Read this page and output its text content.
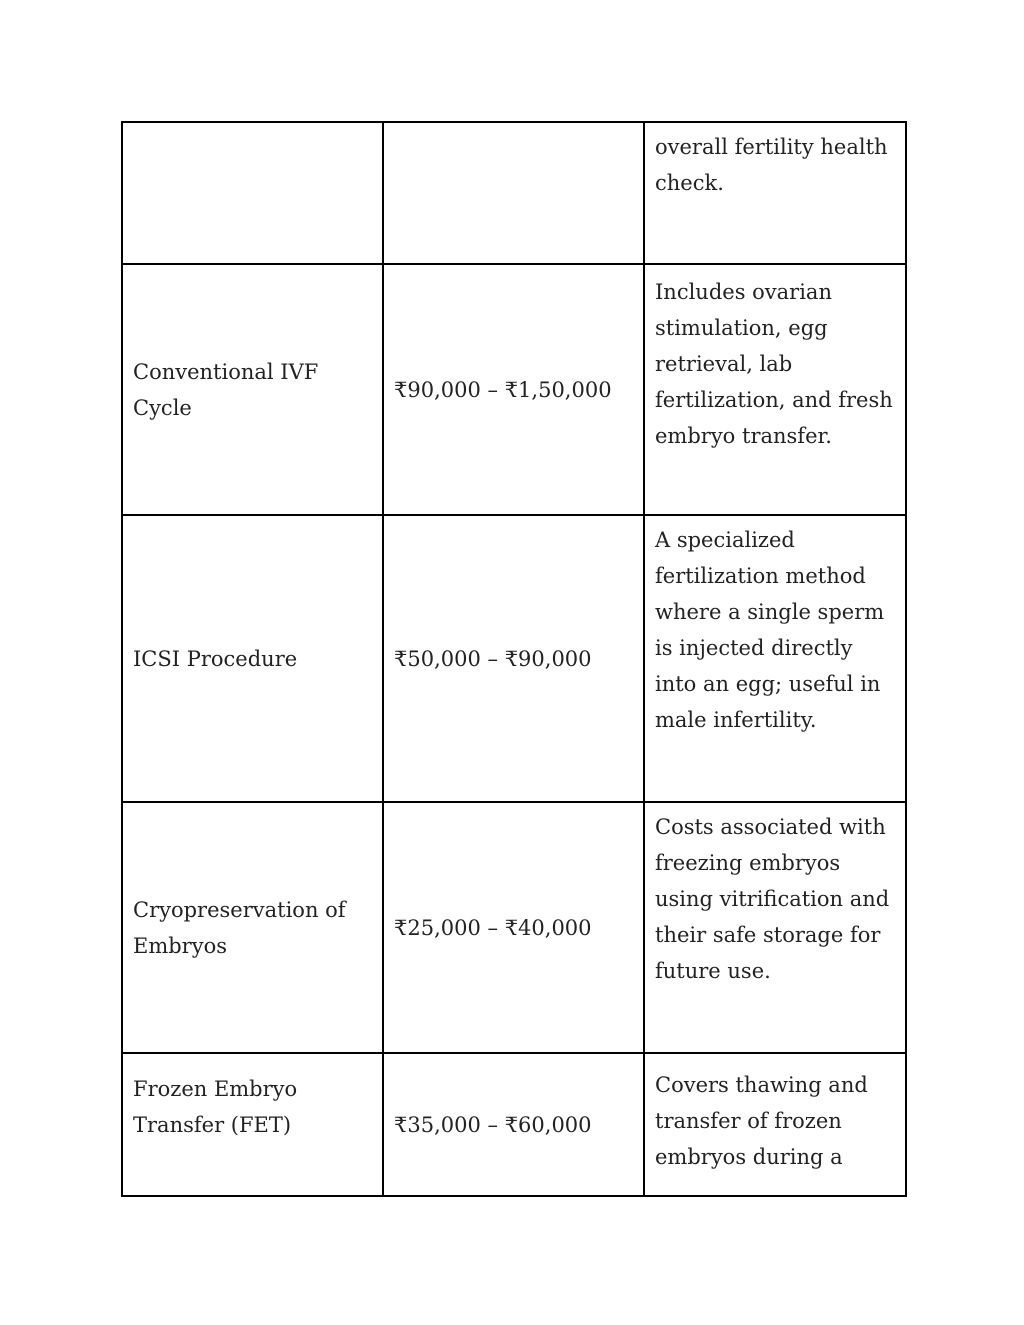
		overall fertility health check.

Conventional IVF Cycle	₹90,000 – ₹1,50,000	Includes ovarian stimulation, egg retrieval, lab fertilization, and fresh embryo transfer.

ICSI Procedure	₹50,000 – ₹90,000	A specialized fertilization method where a single sperm is injected directly into an egg; useful in male infertility.

Cryopreservation of Embryos	₹25,000 – ₹40,000	Costs associated with freezing embryos using vitrification and their safe storage for future use.

Frozen Embryo Transfer (FET)	₹35,000 – ₹60,000	Covers thawing and transfer of frozen embryos during a
